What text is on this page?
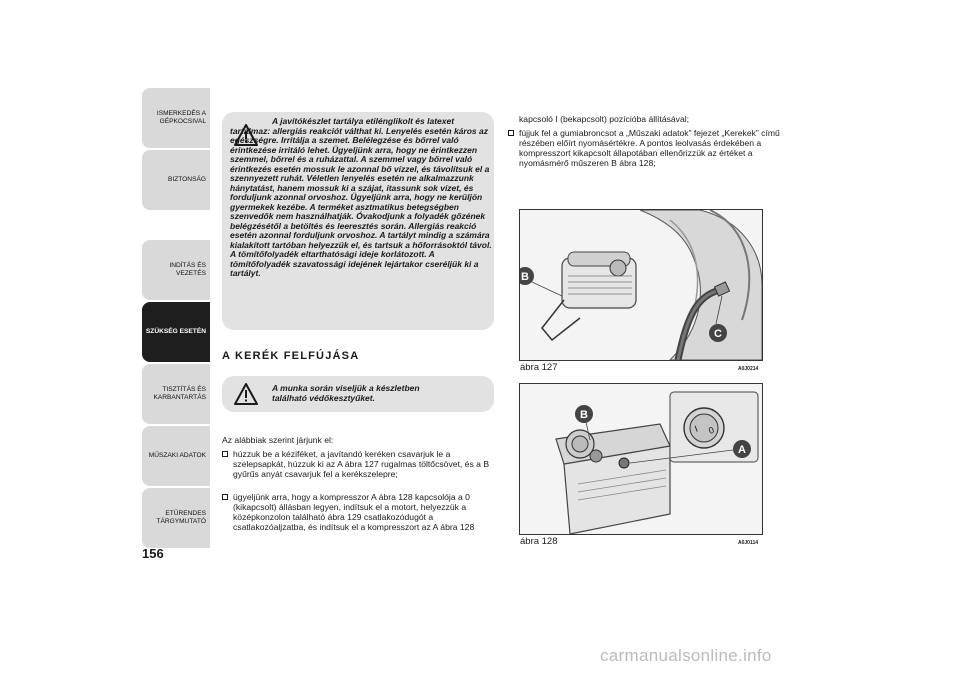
ISMERKEDÉS A
GÉPKOCSIVAL
BIZTONSÁG
INDÍTÁS ÉS VEZETÉS
SZÜKSÉG ESETÉN
TISZTÍTÁS ÉS
KARBANTARTÁS
MŰSZAKI ADATOK
ETŰRENDES
TÁRGYMUTATÓ
156
A javítókészlet tartálya etilénglikolt és latexet tartalmaz: allergiás reakciót válthat ki. Lenyelés esetén káros az egészségre. Irritálja a szemet. Belélegzése és bőrrel való érintkezése irritáló lehet. Ügyeljünk arra, hogy ne érintkezzen szemmel, bőrrel és a ruházattal. A szemmel vagy bőrrel való érintkezés esetén mossuk le azonnal bő vízzel, és távolítsuk el a szennyezett ruhát. Véletlen lenyelés esetén ne alkalmazzunk hánytatást, hanem mossuk ki a szájat, itassunk sok vizet, és forduljunk azonnal orvoshoz. Ügyeljünk arra, hogy ne kerüljön gyermekek kezébe. A terméket asztmatikus betegségben szenvedők nem használhatják. Óvakodjunk a folyadék gőzének belégzésétől a betöltés és leeresztés során. Allergiás reakció esetén azonnal forduljunk orvoshoz. A tartályt mindig a számára kialakított tartóban helyezzük el, és tartsuk a hőforrásoktól távol. A tömítőfolyadék eltarthatósági ideje korlátozott. A tömítőfolyadék szavatossági idejének lejártakor cseréljük ki a tartályt.
A KERÉK FELFÚJÁSA
A munka során viseljük a készletben található védőkesztyűket.
Az alábbiak szerint járjunk el:
húzzuk be a kéziféket, a javítandó keréken csavarjuk le a szelepsapkát, húzzuk ki az A ábra 127 rugalmas töltőcsövet, és a B gyűrűs anyát csavarjuk fel a kerékszelepre;
ügyeljünk arra, hogy a kompresszor A ábra 128 kapcsolója a 0 (kikapcsolt) állásban legyen, indítsuk el a motort, helyezzük a középkonzolon található ábra 129 csatlakozódugót a csatlakozóaljzatba, és indítsuk el a kompresszort az A ábra 128
kapcsoló I (bekapcsolt) pozícióba állításával;
fújjuk fel a gumiabroncsot a „Műszaki adatok” fejezet „Kerekek” című részében előírt nyomásértékre. A pontos leolvasás érdekében a kompresszort kikapcsolt állapotában ellenőrizzük az értéket a nyomásmérő műszeren B ábra 128;
B
C
ábra 127	A0J0214
I 0
B
A
ábra 128	A0J0114
carmanualsonline.info
